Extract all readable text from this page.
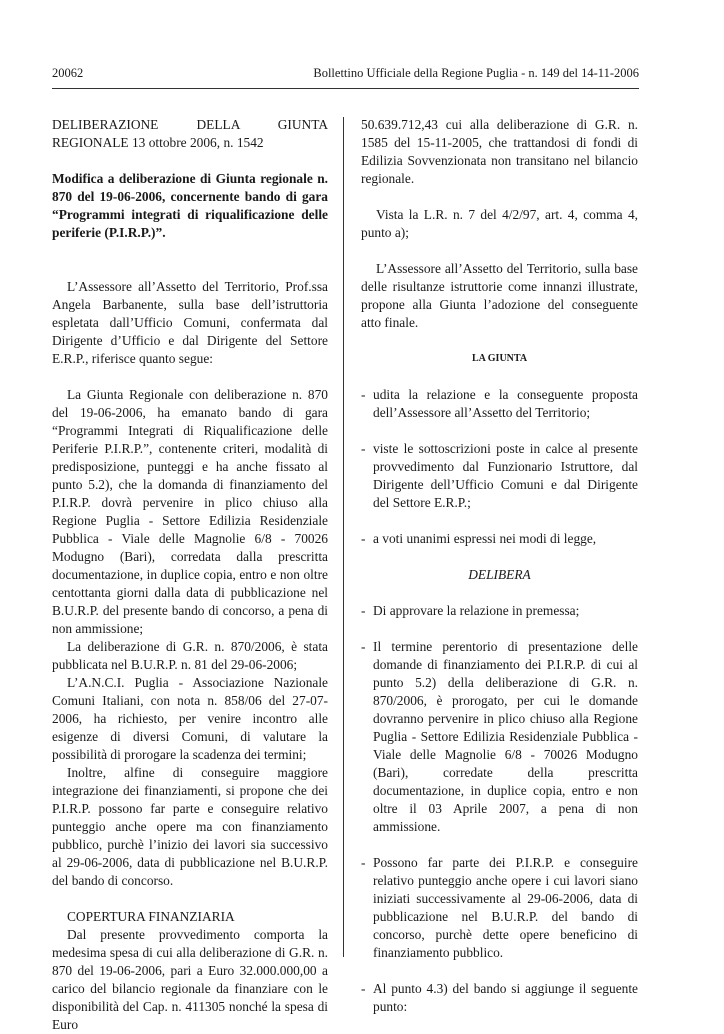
20062	Bollettino Ufficiale della Regione Puglia - n. 149 del 14-11-2006

DELIBERAZIONE DELLA GIUNTA REGIONALE 13 ottobre 2006, n. 1542

Modifica a deliberazione di Giunta regionale n. 870 del 19-06-2006, concernente bando di gara “Programmi integrati di riqualificazione delle periferie (P.I.R.P.)”.

L’Assessore all’Assetto del Territorio, Prof.ssa Angela Barbanente, sulla base dell’istruttoria espletata dall’Ufficio Comuni, confermata dal Dirigente d’Ufficio e dal Dirigente del Settore E.R.P., riferisce quanto segue:

La Giunta Regionale con deliberazione n. 870 del 19-06-2006, ha emanato bando di gara “Programmi Integrati di Riqualificazione delle Periferie P.I.R.P.”, contenente criteri, modalità di predisposizione, punteggi e ha anche fissato al punto 5.2), che la domanda di finanziamento del P.I.R.P. dovrà pervenire in plico chiuso alla Regione Puglia - Settore Edilizia Residenziale Pubblica - Viale delle Magnolie 6/8 - 70026 Modugno (Bari), corredata dalla prescritta documentazione, in duplice copia, entro e non oltre centottanta giorni dalla data di pubblicazione nel B.U.R.P. del presente bando di concorso, a pena di non ammissione;

La deliberazione di G.R. n. 870/2006, è stata pubblicata nel B.U.R.P. n. 81 del 29-06-2006;

L’A.N.C.I. Puglia - Associazione Nazionale Comuni Italiani, con nota n. 858/06 del 27-07-2006, ha richiesto, per venire incontro alle esigenze di diversi Comuni, di valutare la possibilità di prorogare la scadenza dei termini;

Inoltre, alfine di conseguire maggiore integrazione dei finanziamenti, si propone che dei P.I.R.P. possono far parte e conseguire relativo punteggio anche opere ma con finanziamento pubblico, purchè l’inizio dei lavori sia successivo al 29-06-2006, data di pubblicazione nel B.U.R.P. del bando di concorso.

COPERTURA FINANZIARIA

Dal presente provvedimento comporta la medesima spesa di cui alla deliberazione di G.R. n. 870 del 19-06-2006, pari a Euro 32.000.000,00 a carico del bilancio regionale da finanziare con le disponibilità del Cap. n. 411305 nonché la spesa di Euro

50.639.712,43 cui alla deliberazione di G.R. n. 1585 del 15-11-2005, che trattandosi di fondi di Edilizia Sovvenzionata non transitano nel bilancio regionale.

Vista la L.R. n. 7 del 4/2/97, art. 4, comma 4, punto a);

L’Assessore all’Assetto del Territorio, sulla base delle risultanze istruttorie come innanzi illustrate, propone alla Giunta l’adozione del conseguente atto finale.

LA GIUNTA

- udita la relazione e la conseguente proposta dell’Assessore all’Assetto del Territorio;

- viste le sottoscrizioni poste in calce al presente provvedimento dal Funzionario Istruttore, dal Dirigente dell’Ufficio Comuni e dal Dirigente del Settore E.R.P.;

- a voti unanimi espressi nei modi di legge,

DELIBERA

- Di approvare la relazione in premessa;

- Il termine perentorio di presentazione delle domande di finanziamento dei P.I.R.P. di cui al punto 5.2) della deliberazione di G.R. n. 870/2006, è prorogato, per cui le domande dovranno pervenire in plico chiuso alla Regione Puglia - Settore Edilizia Residenziale Pubblica - Viale delle Magnolie 6/8 - 70026 Modugno (Bari), corredate della prescritta documentazione, in duplice copia, entro e non oltre il 03 Aprile 2007, a pena di non ammissione.

- Possono far parte dei P.I.R.P. e conseguire relativo punteggio anche opere i cui lavori siano iniziati successivamente al 29-06-2006, data di pubblicazione nel B.U.R.P. del bando di concorso, purchè dette opere beneficino di finanziamento pubblico.

- Al punto 4.3) del bando si aggiunge il seguente punto:
